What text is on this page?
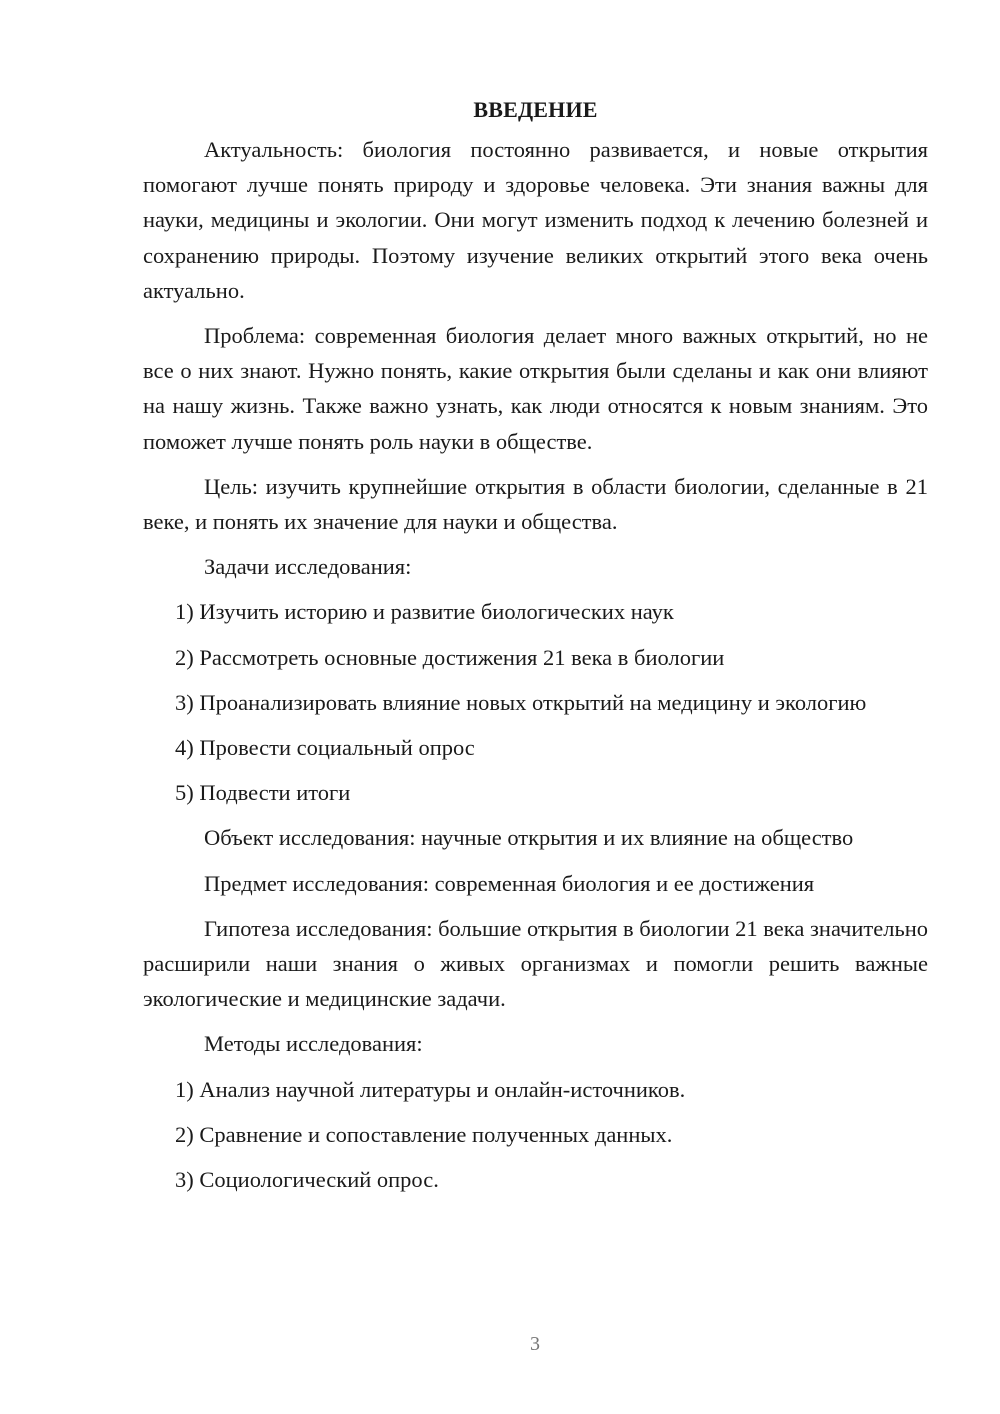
ВВЕДЕНИЕ

Актуальность: биология постоянно развивается, и новые открытия помогают лучше понять природу и здоровье человека. Эти знания важны для науки, медицины и экологии. Они могут изменить подход к лечению болезней и сохранению природы. Поэтому изучение великих открытий этого века очень актуально.

Проблема: современная биология делает много важных открытий, но не все о них знают. Нужно понять, какие открытия были сделаны и как они влияют на нашу жизнь. Также важно узнать, как люди относятся к новым знаниям. Это поможет лучше понять роль науки в обществе.

Цель: изучить крупнейшие открытия в области биологии, сделанные в 21 веке, и понять их значение для науки и общества.

Задачи исследования:

1) Изучить историю и развитие биологических наук

2) Рассмотреть основные достижения 21 века в биологии

3) Проанализировать влияние новых открытий на медицину и экологию

4) Провести социальный опрос

5) Подвести итоги

Объект исследования: научные открытия и их влияние на общество

Предмет исследования: современная биология и ее достижения

Гипотеза исследования: большие открытия в биологии 21 века значительно расширили наши знания о живых организмах и помогли решить важные экологические и медицинские задачи.

Методы исследования:

1) Анализ научной литературы и онлайн-источников.

2) Сравнение и сопоставление полученных данных.

3) Социологический опрос.

3
